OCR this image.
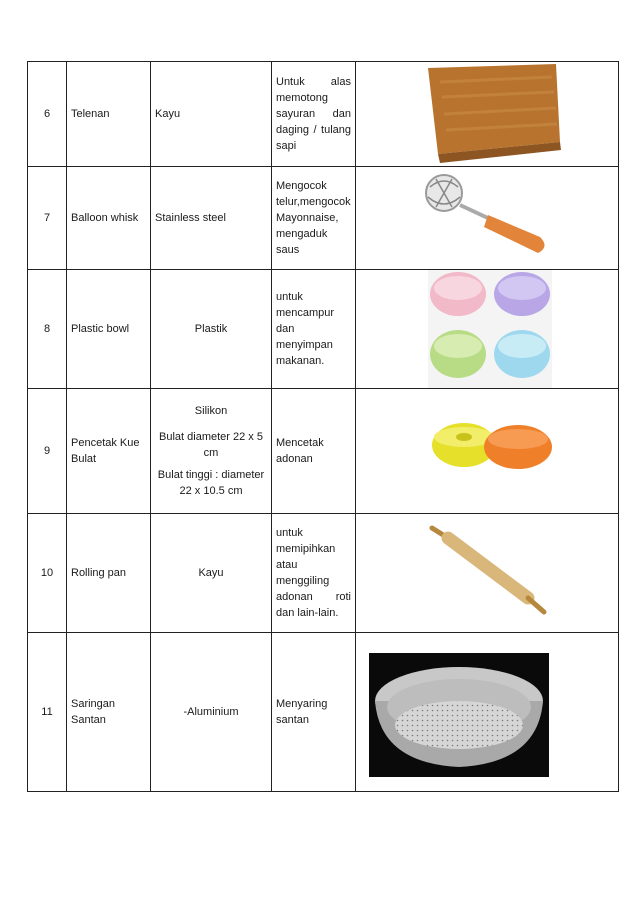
6	Telenan	Kayu	Untuk alas memotong sayuran dan daging / tulang sapi	

7	Balloon whisk	Stainless steel	Mengocok telur,mengocok Mayonnaise, mengaduk saus	

8	Plastic bowl	Plastik	untuk mencampur dan menyimpan makanan.	

9	Pencetak Kue Bulat	Silikon
Bulat diameter 22 x 5 cm
Bulat tinggi : diameter 22 x 10.5 cm	Mencetak adonan	

10	Rolling pan	Kayu	untuk memipihkan atau menggiling adonan roti dan lain-lain.	

11	Saringan Santan	-Aluminium	Menyaring santan	
